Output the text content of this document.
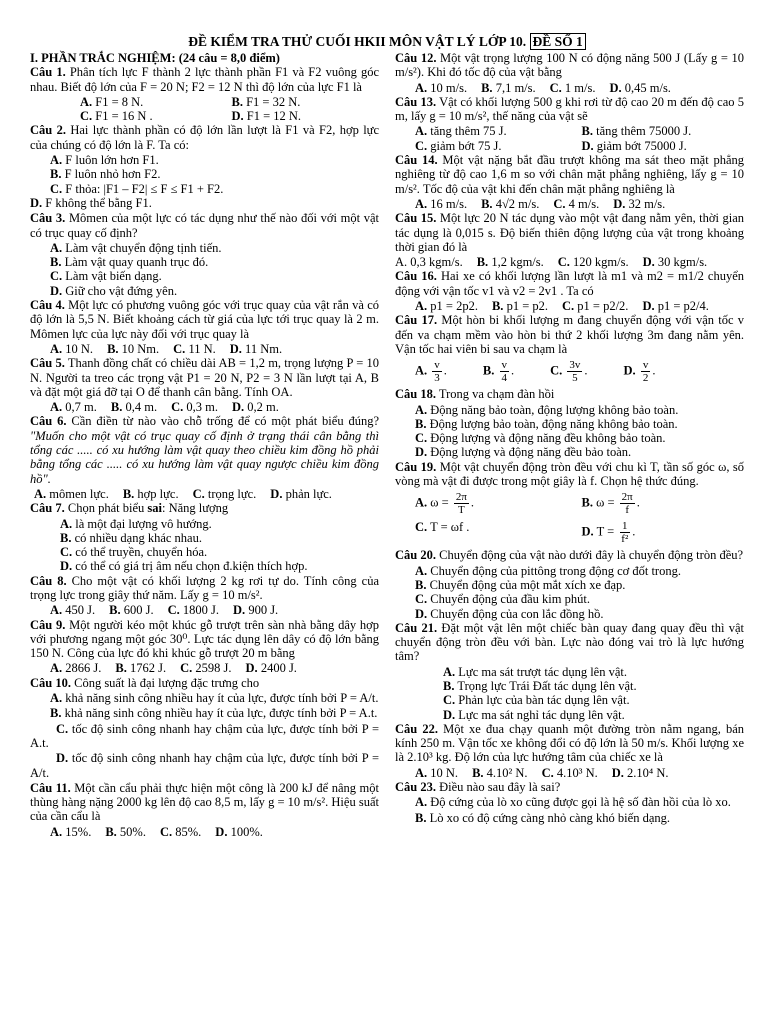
ĐỀ KIỂM TRA THỬ CUỐI HKII MÔN VẬT LÝ LỚP 10. ĐỀ SỐ 1
I. PHẦN TRẮC NGHIỆM: (24 câu = 8,0 điểm)
Câu 1. Phân tích lực F thành 2 lực thành phần F1 và F2 vuông góc nhau. Biết độ lớn của F = 20 N; F2 = 12 N thì độ lớn của lực F1 là
A. F1 = 8 N.	B. F1 = 32 N.
C. F1 = 16 N .	D. F1 = 12 N.
Câu 2. Hai lực thành phần có độ lớn lần lượt là F1 và F2, hợp lực của chúng có độ lớn là F. Ta có:
A. F luôn lớn hơn F1.
B. F luôn nhỏ hơn F2.
C. F thỏa: |F1 – F2| ≤ F ≤ F1 + F2.
D. F không thể bằng F1.
Câu 3. Mômen của một lực có tác dụng như thế nào đối với một vật có trục quay cố định?
A. Làm vật chuyển động tịnh tiến.
B. Làm vật quay quanh trục đó.
C. Làm vật biến dạng.
D. Giữ cho vật đứng yên.
Câu 4. Một lực có phương vuông góc với trục quay của vật rắn và có độ lớn là 5,5 N. Biết khoảng cách từ giá của lực tới trục quay là 2 m. Mômen lực của lực này đối với trục quay là
A. 10 N. B. 10 Nm. C. 11 N. D. 11 Nm.
Câu 5. Thanh đồng chất có chiều dài AB = 1,2 m, trọng lượng P = 10 N. Người ta treo các trọng vật P1 = 20 N, P2 = 3 N lần lượt tại A, B và đặt một giá đỡ tại O để thanh cân bằng. Tính OA.
A. 0,7 m. B. 0,4 m. C. 0,3 m. D. 0,2 m.
Câu 6. Cần điền từ nào vào chỗ trống để có một phát biểu đúng? "Muốn cho một vật có trục quay cố định ở trạng thái cân bằng thì tổng các ..... có xu hướng làm vật quay theo chiều kim đồng hồ phải bằng tổng các ..... có xu hướng làm vật quay ngược chiều kim đồng hồ".
A. mômen lực. B. hợp lực. C. trọng lực. D. phản lực.
Câu 7. Chọn phát biểu sai: Năng lượng
A. là một đại lượng vô hướng.
B. có nhiều dạng khác nhau.
C. có thể truyền, chuyển hóa.
D. có thể có giá trị âm nếu chọn đ.kiện thích hợp.
Câu 8. Cho một vật có khối lượng 2 kg rơi tự do. Tính công của trọng lực trong giây thứ năm. Lấy g = 10 m/s².
A. 450 J. B. 600 J. C. 1800 J. D. 900 J.
Câu 9. Một người kéo một khúc gỗ trượt trên sàn nhà bằng dây hợp với phương ngang một góc 30⁰. Lực tác dụng lên dây có độ lớn bằng 150 N. Công của lực đó khi khúc gỗ trượt 20 m bằng
A. 2866 J. B. 1762 J. C. 2598 J. D. 2400 J.
Câu 10. Công suất là đại lượng đặc trưng cho
A. khả năng sinh công nhiều hay ít của lực, được tính bởi P = A/t.
B. khả năng sinh công nhiều hay ít của lực, được tính bởi P = A.t.
C. tốc độ sinh công nhanh hay chậm của lực, được tính bởi P = A.t.
D. tốc độ sinh công nhanh hay chậm của lực, được tính bởi P = A/t.
Câu 11. Một cần cẩu phải thực hiện một công là 200 kJ để nâng một thùng hàng nặng 2000 kg lên độ cao 8,5 m, lấy g = 10 m/s². Hiệu suất của cần cẩu là
A. 15%. B. 50%. C. 85%. D. 100%.
Câu 12. Một vật trọng lượng 100 N có động năng 500 J (Lấy g = 10 m/s²). Khi đó tốc độ của vật bằng
A. 10 m/s. B. 7,1 m/s. C. 1 m/s. D. 0,45 m/s.
Câu 13. Vật có khối lượng 500 g khi rơi từ độ cao 20 m đến độ cao 5 m, lấy g = 10 m/s², thế năng của vật sẽ
A. tăng thêm 75 J.	B. tăng thêm 75000 J.
C. giảm bớt 75 J.	D. giảm bớt 75000 J.
Câu 14. Một vật nặng bắt đầu trượt không ma sát theo mặt phẳng nghiêng từ độ cao 1,6 m so với chân mặt phẳng nghiêng, lấy g = 10 m/s². Tốc độ của vật khi đến chân mặt phẳng nghiêng là
A. 16 m/s. B. 4√2 m/s. C. 4 m/s. D. 32 m/s.
Câu 15. Một lực 20 N tác dụng vào một vật đang nằm yên, thời gian tác dụng là 0,015 s. Độ biến thiên động lượng của vật trong khoảng thời gian đó là
A. 0,3 kgm/s. B. 1,2 kgm/s. C. 120 kgm/s. D. 30 kgm/s.
Câu 16. Hai xe có khối lượng lần lượt là m1 và m2 = m1/2 chuyển động với vận tốc v1 và v2 = 2v1 . Ta có
A. p1 = 2p2. B. p1 = p2. C. p1 = p2/2. D. p1 = p2/4.
Câu 17. Một hòn bi khối lượng m đang chuyển động với vận tốc v đến va chạm mềm vào hòn bi thứ 2 khối lượng 3m đang nằm yên. Vận tốc hai viên bi sau va chạm là
A. $\frac{v}{3}$ .	B. $\frac{v}{4}$ .	C. $\frac{3v}{5}$ .	D. $\frac{v}{2}$ .
Câu 18. Trong va chạm đàn hồi
A. Động năng bảo toàn, động lượng không bảo toàn.
B. Động lượng bảo toàn, động năng không bảo toàn.
C. Động lượng và động năng đều không bảo toàn.
D. Động lượng và động năng đều bảo toàn.
Câu 19. Một vật chuyển động tròn đều với chu kì T, tần số góc ω, số vòng mà vật đi được trong một giây là f. Chọn hệ thức đúng.
A. $\omega = \frac{2\pi}{T}$ .	B. $\omega = \frac{2\pi}{f}$ .
C. T = ωf .	D. $T = \frac{1}{\text{f²}}$ .
Câu 20. Chuyển động của vật nào dưới đây là chuyển động tròn đều?
A. Chuyển động của pittông trong động cơ đốt trong.
B. Chuyển động của một mắt xích xe đạp.
C. Chuyển động của đầu kim phút.
D. Chuyển động của con lắc đồng hồ.
Câu 21. Đặt một vật lên một chiếc bàn quay đang quay đều thì vật chuyển động tròn đều với bàn. Lực nào đóng vai trò là lực hướng tâm?
A. Lực ma sát trượt tác dụng lên vật.
B. Trọng lực Trái Đất tác dụng lên vật.
C. Phản lực của bàn tác dụng lên vật.
D. Lực ma sát nghỉ tác dụng lên vật.
Câu 22. Một xe đua chạy quanh một đường tròn nằm ngang, bán kính 250 m. Vận tốc xe không đổi có độ lớn là 50 m/s. Khối lượng xe là 2.10³ kg. Độ lớn của lực hướng tâm của chiếc xe là
A. 10 N. B. 4.10² N. C. 4.10³ N. D. 2.10⁴ N.
Câu 23. Điều nào sau đây là sai?
A. Độ cứng của lò xo cũng được gọi là hệ số đàn hồi của lò xo.
B. Lò xo có độ cứng càng nhỏ càng khó biến dạng.
